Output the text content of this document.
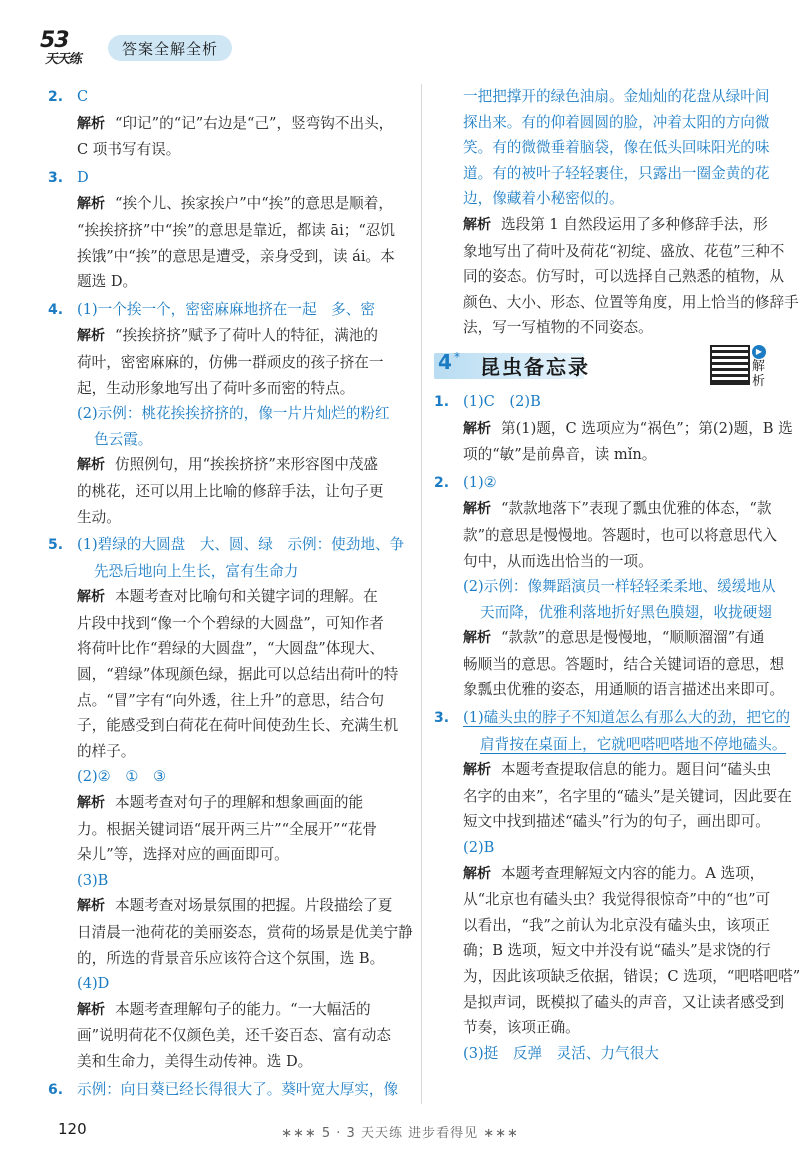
53
天天练
答案全解全析
2. C
解析 “印记”的“记”右边是“己”，竖弯钩不出头，
C 项书写有误。
3. D
解析 “挨个儿、挨家挨户”中“挨”的意思是顺着，
“挨挨挤挤”中“挨”的意思是靠近，都读 āi；“忍饥
挨饿”中“挨”的意思是遭受，亲身受到，读 ái。本
题选 D。
4. (1)一个挨一个，密密麻麻地挤在一起　多、密
解析 “挨挨挤挤”赋予了荷叶人的特征，满池的
荷叶，密密麻麻的，仿佛一群顽皮的孩子挤在一
起，生动形象地写出了荷叶多而密的特点。
(2)示例：桃花挨挨挤挤的，像一片片灿烂的粉红
色云霞。
解析 仿照例句，用“挨挨挤挤”来形容图中茂盛
的桃花，还可以用上比喻的修辞手法，让句子更
生动。
5. (1)碧绿的大圆盘　大、圆、绿　示例：使劲地、争
先恐后地向上生长，富有生命力
解析 本题考查对比喻句和关键字词的理解。在
片段中找到“像一个个碧绿的大圆盘”，可知作者
将荷叶比作“碧绿的大圆盘”，“大圆盘”体现大、
圆，“碧绿”体现颜色绿，据此可以总结出荷叶的特
点。“冒”字有“向外透，往上升”的意思，结合句
子，能感受到白荷花在荷叶间使劲生长、充满生机
的样子。
(2)②　①　③
解析 本题考查对句子的理解和想象画面的能
力。根据关键词语“展开两三片”“全展开”“花骨
朵儿”等，选择对应的画面即可。
(3)B
解析 本题考查对场景氛围的把握。片段描绘了夏
日清晨一池荷花的美丽姿态，赏荷的场景是优美宁静
的，所选的背景音乐应该符合这个氛围，选 B。
(4)D
解析 本题考查理解句子的能力。“一大幅活的
画”说明荷花不仅颜色美，还千姿百态、富有动态
美和生命力，美得生动传神。选 D。
6. 示例：向日葵已经长得很大了。葵叶宽大厚实，像
一把把撑开的绿色油扇。金灿灿的花盘从绿叶间
探出来。有的仰着圆圆的脸，冲着太阳的方向微
笑。有的微微垂着脑袋，像在低头回味阳光的味
道。有的被叶子轻轻裹住，只露出一圈金黄的花
边，像藏着小秘密似的。
解析 选段第 1 自然段运用了多种修辞手法，形
象地写出了荷叶及荷花“初绽、盛放、花苞”三种不
同的姿态。仿写时，可以选择自己熟悉的植物，从
颜色、大小、形态、位置等角度，用上恰当的修辞手
法，写一写植物的不同姿态。
4 * 昆虫备忘录
▶
解析
1. (1)C　(2)B
解析 第(1)题，C 选项应为“祸色”；第(2)题，B 选
项的“敏”是前鼻音，读 mǐn。
2. (1)②
解析 “款款地落下”表现了瓢虫优雅的体态，“款
款”的意思是慢慢地。答题时，也可以将意思代入
句中，从而选出恰当的一项。
(2)示例：像舞蹈演员一样轻轻柔柔地、缓缓地从
天而降，优雅利落地折好黑色膜翅，收拢硬翅
解析 “款款”的意思是慢慢地，“顺顺溜溜”有通
畅顺当的意思。答题时，结合关键词语的意思，想
象瓢虫优雅的姿态，用通顺的语言描述出来即可。
3. (1)磕头虫的脖子不知道怎么有那么大的劲，把它的
肩背按在桌面上，它就吧嗒吧嗒地不停地磕头。
解析 本题考查提取信息的能力。题目问“磕头虫
名字的由来”，名字里的“磕头”是关键词，因此要在
短文中找到描述“磕头”行为的句子，画出即可。
(2)B
解析 本题考查理解短文内容的能力。A 选项，
从“北京也有磕头虫？我觉得很惊奇”中的“也”可
以看出，“我”之前认为北京没有磕头虫，该项正
确；B 选项，短文中并没有说“磕头”是求饶的行
为，因此该项缺乏依据，错误；C 选项，“吧嗒吧嗒”
是拟声词，既模拟了磕头的声音，又让读者感受到
节奏，该项正确。
(3)挺　反弹　灵活、力气很大
120	∗∗∗ 5 · 3 天天练 进步看得见 ∗∗∗
